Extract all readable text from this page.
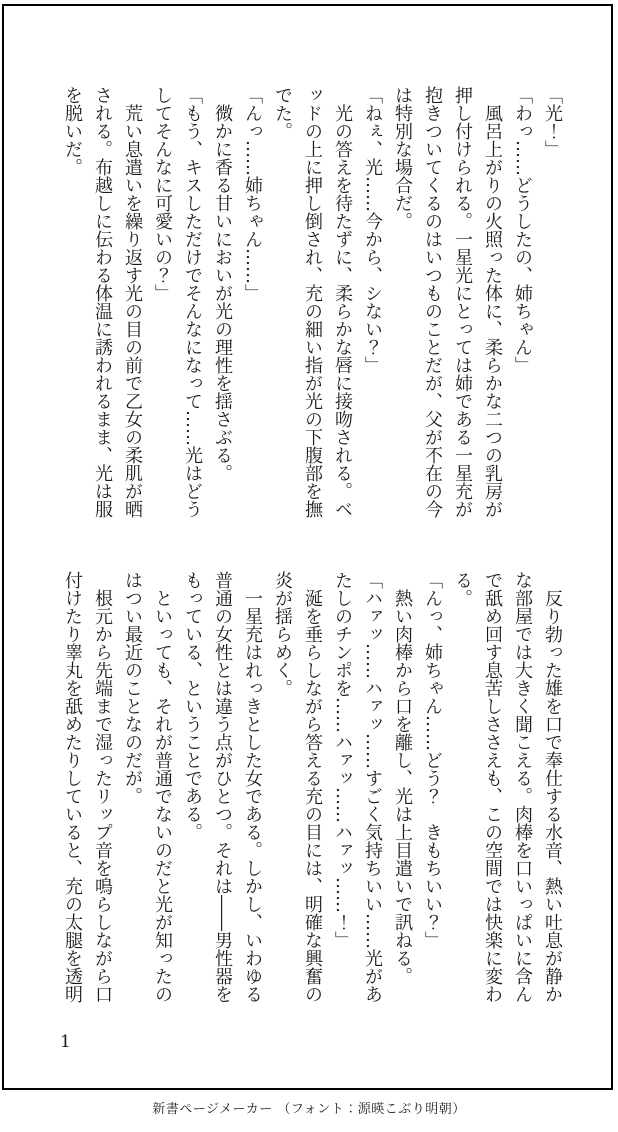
「光！」

「わっ……どうしたの、姉ちゃん」

　風呂上がりの火照った体に、柔らかな二つの乳房が

押し付けられる。一星光にとっては姉である一星充が

抱きついてくるのはいつものことだが、父が不在の今

は特別な場合だ。

「ねぇ、光……今から、シない？」

　光の答えを待たずに、柔らかな唇に接吻される。ベ

ッドの上に押し倒され、充の細い指が光の下腹部を撫

でた。

「んっ……姉ちゃん……」

　微かに香る甘いにおいが光の理性を揺さぶる。

「もう、キスしただけでそんなになって……光はどう

してそんなに可愛いの？」

　荒い息遣いを繰り返す光の目の前で乙女の柔肌が晒

される。布越しに伝わる体温に誘われるまま、光は服

を脱いだ。

　反り勃った雄を口で奉仕する水音、熱い吐息が静か

な部屋では大きく聞こえる。肉棒を口いっぱいに含ん

で舐め回す息苦しささえも、この空間では快楽に変わ

る。

「んっ、姉ちゃん……どう？　きもちいい？」

　熱い肉棒から口を離し、光は上目遣いで訊ねる。

「ハァッ……ハァッ……すごく気持ちいい……光があ

たしのチンポを……ハァッ……ハァッ……！」

　涎を垂らしながら答える充の目には、明確な興奮の

炎が揺らめく。

　一星充はれっきとした女である。しかし、いわゆる

普通の女性とは違う点がひとつ。それは――男性器を

もっている、ということである。

　といっても、それが普通でないのだと光が知ったの

はつい最近のことなのだが。

　根元から先端まで湿ったリップ音を鳴らしながら口

付けたり睾丸を舐めたりしていると、充の太腿を透明

1
新書ページメーカー （フォント：源暎こぶり明朝）
